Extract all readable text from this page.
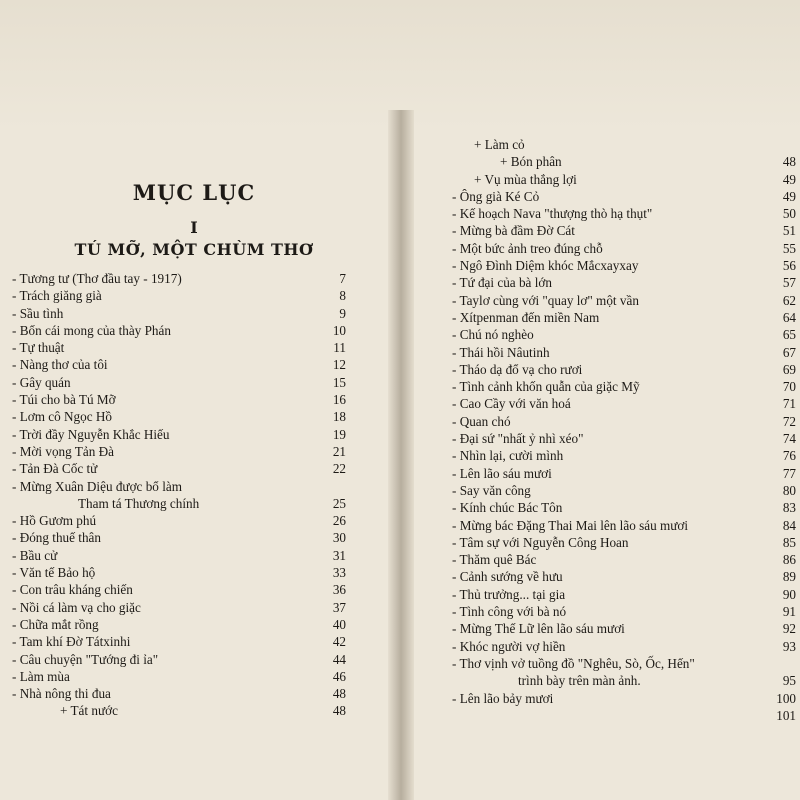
MỤC LỤC
I
TÚ MỠ, MỘT CHÙM THƠ
- Tương tư (Thơ đầu tay - 1917)	7
- Trách giăng già	8
- Sầu tình	9
- Bốn cái mong của thày Phán	10
- Tự thuật	11
- Nàng thơ của tôi	12
- Gây quán	15
- Túi cho bà Tú Mỡ	16
- Lơm cô Ngọc Hồ	18
- Trời đầy Nguyễn Khắc Hiếu	19
- Mời vọng Tản Đà	21
- Tản Đà Cốc tử	22
- Mừng Xuân Diệu được bổ làm
Tham tá Thương chính	25
- Hồ Gươm phú	26
- Đóng thuế thân	30
- Bầu cử	31
- Văn tế Bảo hộ	33
- Con trâu kháng chiến	36
- Nồi cá làm vạ cho giặc	37
- Chữa mắt rồng	40
- Tam khí Đờ Tátxinhi	42
- Câu chuyện "Tướng đi ỉa"	44
- Làm mùa	46
- Nhà nông thi đua	48
+ Tát nước	48
+ Làm cỏ
+ Bón phân	48
+ Vụ mùa thắng lợi	49
- Ông già Ké Cỏ	49
- Kế hoạch Nava "thượng thò hạ thụt"	50
- Mừng bà đầm Đờ Cát	51
- Một bức ảnh treo đúng chỗ	55
- Ngô Đình Diệm khóc Mắcxayxay	56
- Tứ đại của bà lớn	57
- Taylơ cùng với "quay lơ" một vần	62
- Xítpenman đến miền Nam	64
- Chú nó nghèo	65
- Thái hồi Nâutinh	67
- Tháo dạ đổ vạ cho rươi	69
- Tình cảnh khốn quẫn của giặc Mỹ	70
- Cao Cầy với văn hoá	71
- Quan chó	72
- Đại sứ "nhất ỷ nhì xéo"	74
- Nhìn lại, cười mình	76
- Lên lão sáu mươi	77
- Say văn công	80
- Kính chúc Bác Tôn	83
- Mừng bác Đặng Thai Mai lên lão sáu mươi	84
- Tâm sự với Nguyễn Công Hoan	85
- Thăm quê Bác	86
- Cảnh sướng về hưu	89
- Thủ trưởng... tại gia	90
- Tình công với bà nó	91
- Mừng Thế Lữ lên lão sáu mươi	92
- Khóc người vợ hiền	93
- Thơ vịnh vở tuồng đồ "Nghêu, Sò, Ốc, Hến"
trình bày trên màn ảnh.	95
- Lên lão bảy mươi	100
101
